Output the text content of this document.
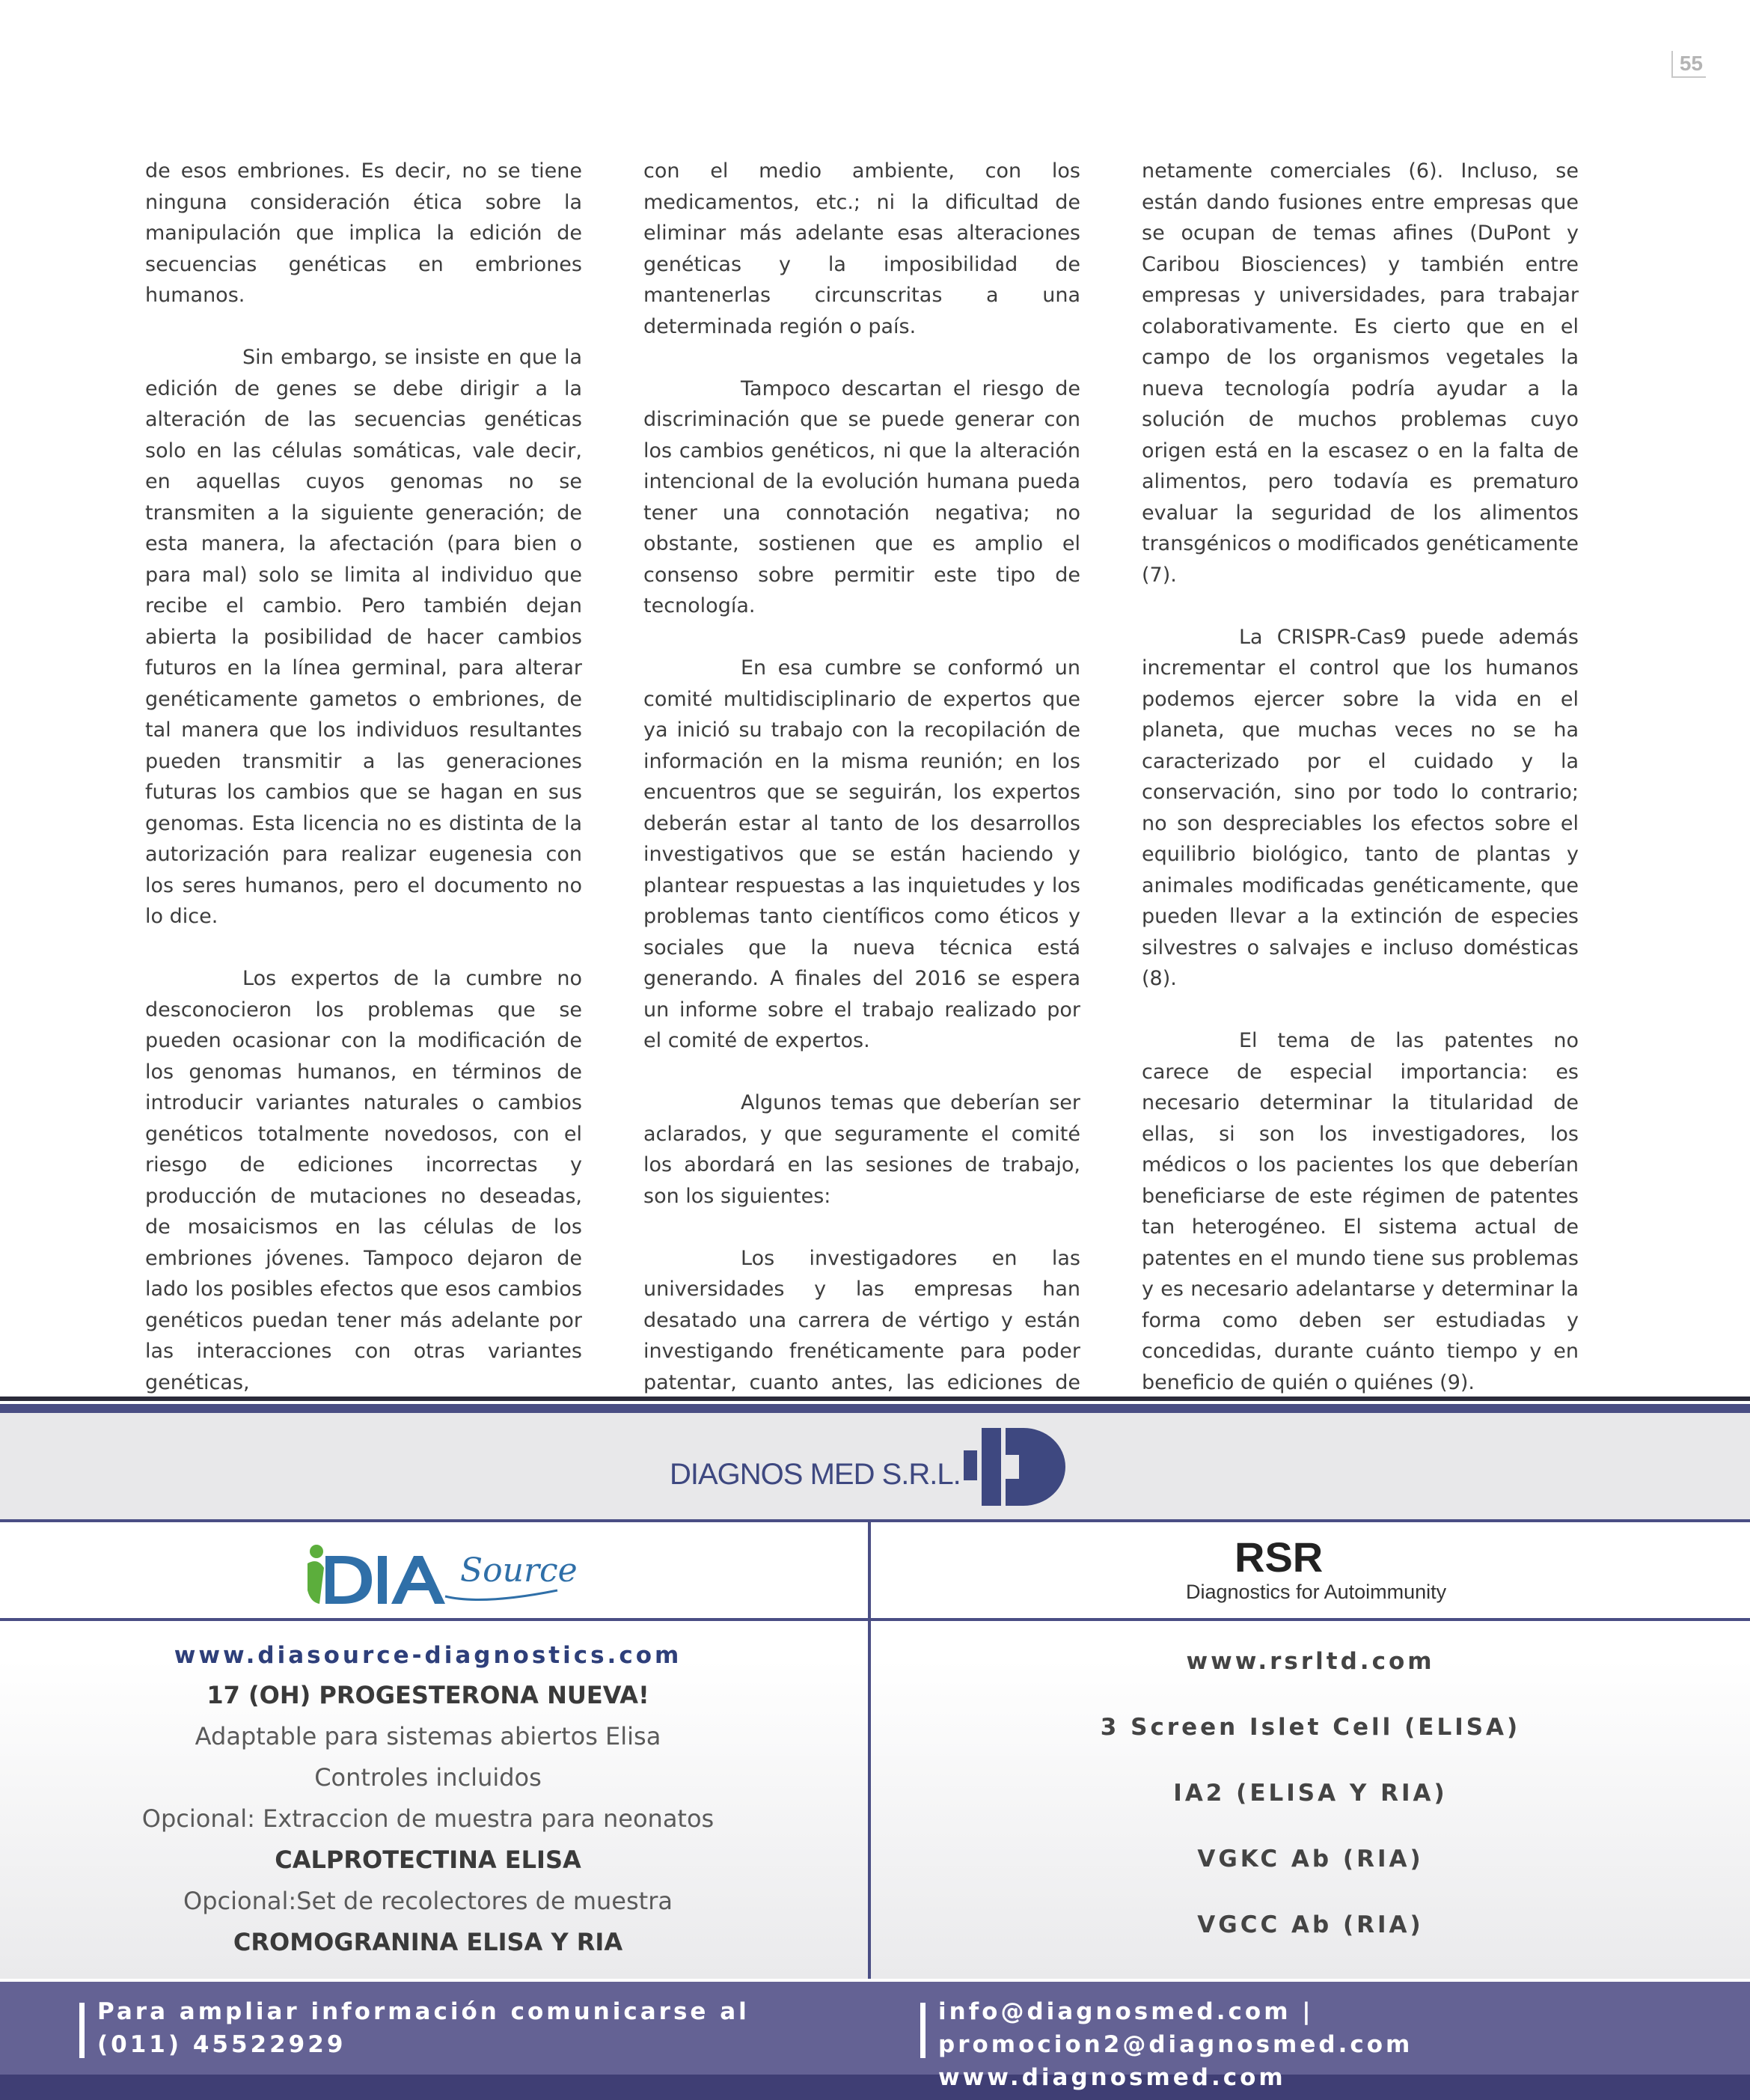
55

de esos embriones. Es decir, no se tiene ninguna consideración ética sobre la manipulación que implica la edición de secuencias genéticas en embriones humanos.

Sin embargo, se insiste en que la edición de genes se debe dirigir a la alteración de las secuencias genéticas solo en las células somáticas, vale decir, en aquellas cuyos genomas no se transmiten a la siguiente generación; de esta manera, la afectación (para bien o para mal) solo se limita al individuo que recibe el cambio. Pero también dejan abierta la posibilidad de hacer cambios futuros en la línea germinal, para alterar genéticamente gametos o embriones, de tal manera que los individuos resultantes pueden transmitir a las generaciones futuras los cambios que se hagan en sus genomas. Esta licencia no es distinta de la autorización para realizar eugenesia con los seres humanos, pero el documento no lo dice.

Los expertos de la cumbre no desconocieron los problemas que se pueden ocasionar con la modificación de los genomas humanos, en términos de introducir variantes naturales o cambios genéticos totalmente novedosos, con el riesgo de ediciones incorrectas y producción de mutaciones no deseadas, de mosaicismos en las células de los embriones jóvenes. Tampoco dejaron de lado los posibles efectos que esos cambios genéticos puedan tener más adelante por las interacciones con otras variantes genéticas,

con el medio ambiente, con los medicamentos, etc.; ni la dificultad de eliminar más adelante esas alteraciones genéticas y la imposibilidad de mantenerlas circunscritas a una determinada región o país.

Tampoco descartan el riesgo de discriminación que se puede generar con los cambios genéticos, ni que la alteración intencional de la evolución humana pueda tener una connotación negativa; no obstante, sostienen que es amplio el consenso sobre permitir este tipo de tecnología.

En esa cumbre se conformó un comité multidisciplinario de expertos que ya inició su trabajo con la recopilación de información en la misma reunión; en los encuentros que se seguirán, los expertos deberán estar al tanto de los desarrollos investigativos que se están haciendo y plantear respuestas a las inquietudes y los problemas tanto científicos como éticos y sociales que la nueva técnica está generando. A finales del 2016 se espera un informe sobre el trabajo realizado por el comité de expertos.

Algunos temas que deberían ser aclarados, y que seguramente el comité los abordará en las sesiones de trabajo, son los siguientes:

Los investigadores en las universidades y las empresas han desatado una carrera de vértigo y están investigando frenéticamente para poder patentar, cuanto antes, las ediciones de

netamente comerciales (6). Incluso, se están dando fusiones entre empresas que se ocupan de temas afines (DuPont y Caribou Biosciences) y también entre empresas y universidades, para trabajar colaborativamente. Es cierto que en el campo de los organismos vegetales la nueva tecnología podría ayudar a la solución de muchos problemas cuyo origen está en la escasez o en la falta de alimentos, pero todavía es prematuro evaluar la seguridad de los alimentos transgénicos o modificados genéticamente (7).

La CRISPR-Cas9 puede además incrementar el control que los humanos podemos ejercer sobre la vida en el planeta, que muchas veces no se ha caracterizado por el cuidado y la conservación, sino por todo lo contrario; no son despreciables los efectos sobre el equilibrio biológico, tanto de plantas y animales modificadas genéticamente, que pueden llevar a la extinción de especies silvestres o salvajes e incluso domésticas (8).

El tema de las patentes no carece de especial importancia: es necesario determinar la titularidad de ellas, si son los investigadores, los médicos o los pacientes los que deberían beneficiarse de este régimen de patentes tan heterogéneo. El sistema actual de patentes en el mundo tiene sus problemas y es necesario adelantarse y determinar la forma como deben ser estudiadas y concedidas, durante cuánto tiempo y en beneficio de quién o quiénes (9).

DIAGNOS MED S.R.L.
Source	RSR
Diagnostics for Autoimmunity
www.diasource-diagnostics.com
17 (OH) PROGESTERONA NUEVA!
Adaptable para sistemas abiertos Elisa
Controles incluidos
Opcional: Extraccion de muestra para neonatos
CALPROTECTINA ELISA
Opcional:Set de recolectores de muestra
CROMOGRANINA ELISA Y RIA
www.rsrltd.com
3 Screen Islet Cell (ELISA)
IA2 (ELISA Y RIA)
VGKC Ab (RIA)
VGCC Ab (RIA)
Para ampliar información comunicarse al
(011) 45522929
info@diagnosmed.com | promocion2@diagnosmed.com
www.diagnosmed.com
